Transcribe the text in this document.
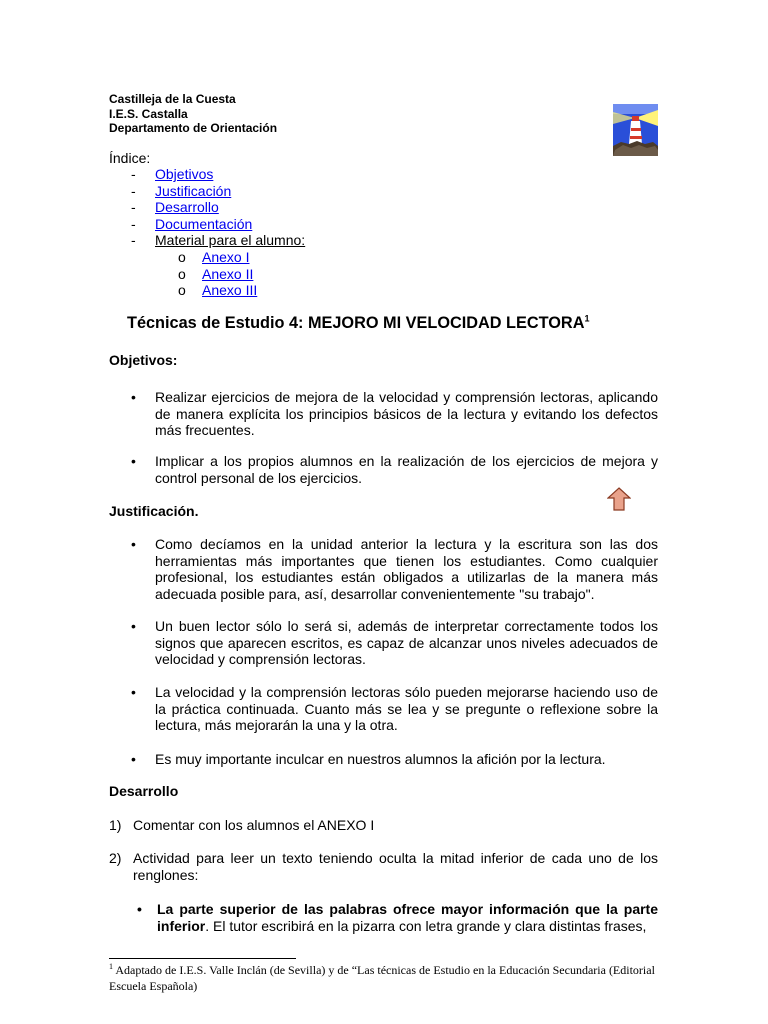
Castilleja de la Cuesta
I.E.S. Castalla
Departamento de Orientación
Índice:
- Objetivos
- Justificación
- Desarrollo
- Documentación
- Material para el alumno:
o Anexo I
o Anexo II
o Anexo III
Técnicas de Estudio 4: MEJORO MI VELOCIDAD LECTORA$^1$
Objetivos:
• Realizar ejercicios de mejora de la velocidad y comprensión lectoras, aplicando de manera explícita los principios básicos de la lectura y evitando los defectos más frecuentes.
• Implicar a los propios alumnos en la realización de los ejercicios de mejora y control personal de los ejercicios.
Justificación.
• Como decíamos en la unidad anterior la lectura y la escritura son las dos herramientas más importantes que tienen los estudiantes. Como cualquier profesional, los estudiantes están obligados a utilizarlas de la manera más adecuada posible para, así, desarrollar convenientemente "su trabajo".
• Un buen lector sólo lo será si, además de interpretar correctamente todos los signos que aparecen escritos, es capaz de alcanzar unos niveles adecuados de velocidad y comprensión lectoras.
• La velocidad y la comprensión lectoras sólo pueden mejorarse haciendo uso de la práctica continuada. Cuanto más se lea y se pregunte o reflexione sobre la lectura, más mejorarán la una y la otra.
• Es muy importante inculcar en nuestros alumnos la afición por la lectura.
Desarrollo
1) Comentar con los alumnos el ANEXO I
2) Actividad para leer un texto teniendo oculta la mitad inferior de cada uno de los renglones:
• La parte superior de las palabras ofrece mayor información que la parte inferior. El tutor escribirá en la pizarra con letra grande y clara distintas frases,
$^1$ Adaptado de I.E.S. Valle Inclán (de Sevilla) y de “Las técnicas de Estudio en la Educación Secundaria (Editorial Escuela Española)
